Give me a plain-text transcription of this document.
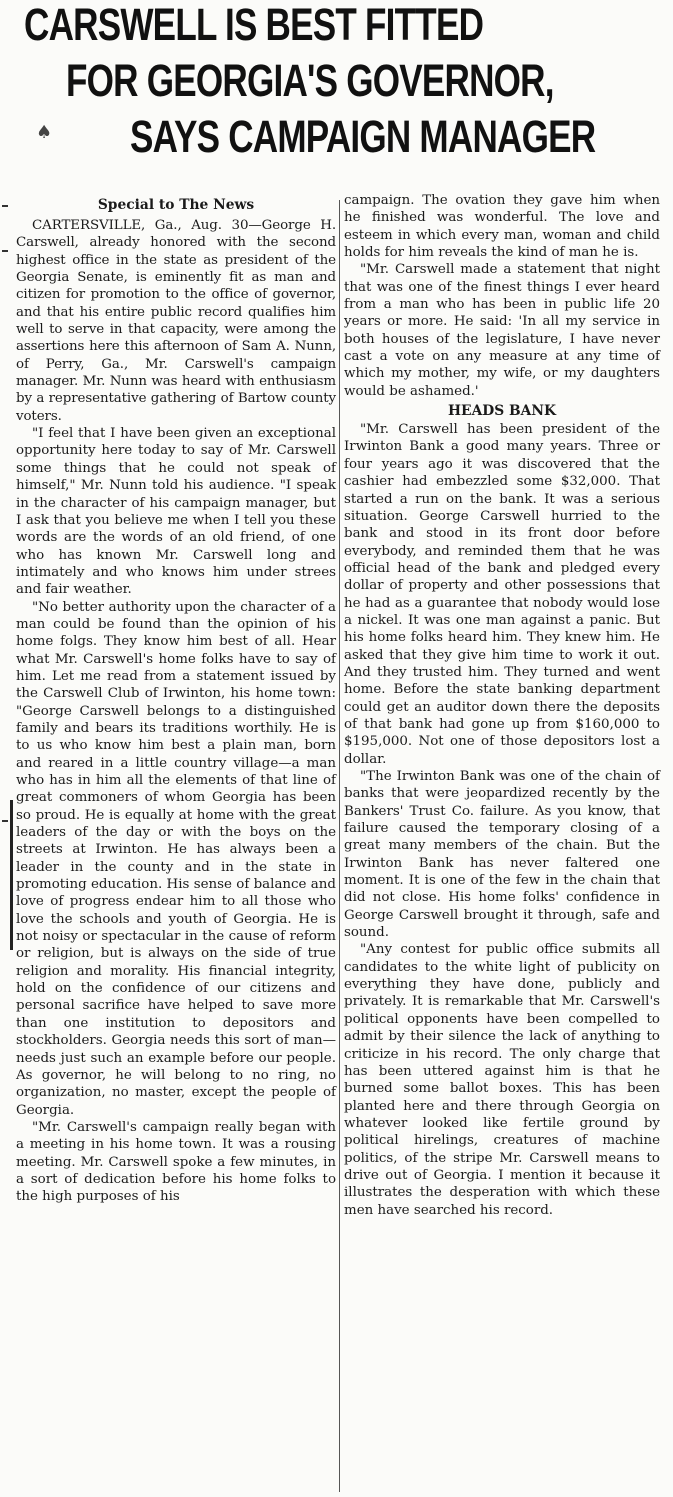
CARSWELL IS BEST FITTED
FOR GEORGIA'S GOVERNOR,
SAYS CAMPAIGN MANAGER
♠
Special to The News

CARTERSVILLE, Ga., Aug. 30—George H. Carswell, already honored with the second highest office in the state as president of the Georgia Senate, is eminently fit as man and citizen for promotion to the office of governor, and that his entire public record qualifies him well to serve in that capacity, were among the assertions here this afternoon of Sam A. Nunn, of Perry, Ga., Mr. Carswell's campaign manager. Mr. Nunn was heard with enthusiasm by a representative gathering of Bartow county voters.

"I feel that I have been given an exceptional opportunity here today to say of Mr. Carswell some things that he could not speak of himself," Mr. Nunn told his audience. "I speak in the character of his campaign manager, but I ask that you believe me when I tell you these words are the words of an old friend, of one who has known Mr. Carswell long and intimately and who knows him under strees and fair weather.

"No better authority upon the character of a man could be found than the opinion of his home folgs. They know him best of all. Hear what Mr. Carswell's home folks have to say of him. Let me read from a statement issued by the Carswell Club of Irwinton, his home town: "George Carswell belongs to a distinguished family and bears its traditions worthily. He is to us who know him best a plain man, born and reared in a little country village—a man who has in him all the elements of that line of great commoners of whom Georgia has been so proud. He is equally at home with the great leaders of the day or with the boys on the streets at Irwinton. He has always been a leader in the county and in the state in promoting education. His sense of balance and love of progress endear him to all those who love the schools and youth of Georgia. He is not noisy or spectacular in the cause of reform or religion, but is always on the side of true religion and morality. His financial integrity, hold on the confidence of our citizens and personal sacrifice have helped to save more than one institution to depositors and stockholders. Georgia needs this sort of man—needs just such an example before our people. As governor, he will belong to no ring, no organization, no master, except the people of Georgia.

"Mr. Carswell's campaign really began with a meeting in his home town. It was a rousing meeting. Mr. Carswell spoke a few minutes, in a sort of dedication before his home folks to the high purposes of his

campaign. The ovation they gave him when he finished was wonderful. The love and esteem in which every man, woman and child holds for him reveals the kind of man he is.

"Mr. Carswell made a statement that night that was one of the finest things I ever heard from a man who has been in public life 20 years or more. He said: 'In all my service in both houses of the legislature, I have never cast a vote on any measure at any time of which my mother, my wife, or my daughters would be ashamed.'

HEADS BANK

"Mr. Carswell has been president of the Irwinton Bank a good many years. Three or four years ago it was discovered that the cashier had embezzled some $32,000. That started a run on the bank. It was a serious situation. George Carswell hurried to the bank and stood in its front door before everybody, and reminded them that he was official head of the bank and pledged every dollar of property and other possessions that he had as a guarantee that nobody would lose a nickel. It was one man against a panic. But his home folks heard him. They knew him. He asked that they give him time to work it out. And they trusted him. They turned and went home. Before the state banking department could get an auditor down there the deposits of that bank had gone up from $160,000 to $195,000. Not one of those depositors lost a dollar.

"The Irwinton Bank was one of the chain of banks that were jeopardized recently by the Bankers' Trust Co. failure. As you know, that failure caused the temporary closing of a great many members of the chain. But the Irwinton Bank has never faltered one moment. It is one of the few in the chain that did not close. His home folks' confidence in George Carswell brought it through, safe and sound.

"Any contest for public office submits all candidates to the white light of publicity on everything they have done, publicly and privately. It is remarkable that Mr. Carswell's political opponents have been compelled to admit by their silence the lack of anything to criticize in his record. The only charge that has been uttered against him is that he burned some ballot boxes. This has been planted here and there through Georgia on whatever looked like fertile ground by political hirelings, creatures of machine politics, of the stripe Mr. Carswell means to drive out of Georgia. I mention it because it illustrates the desperation with which these men have searched his record.
